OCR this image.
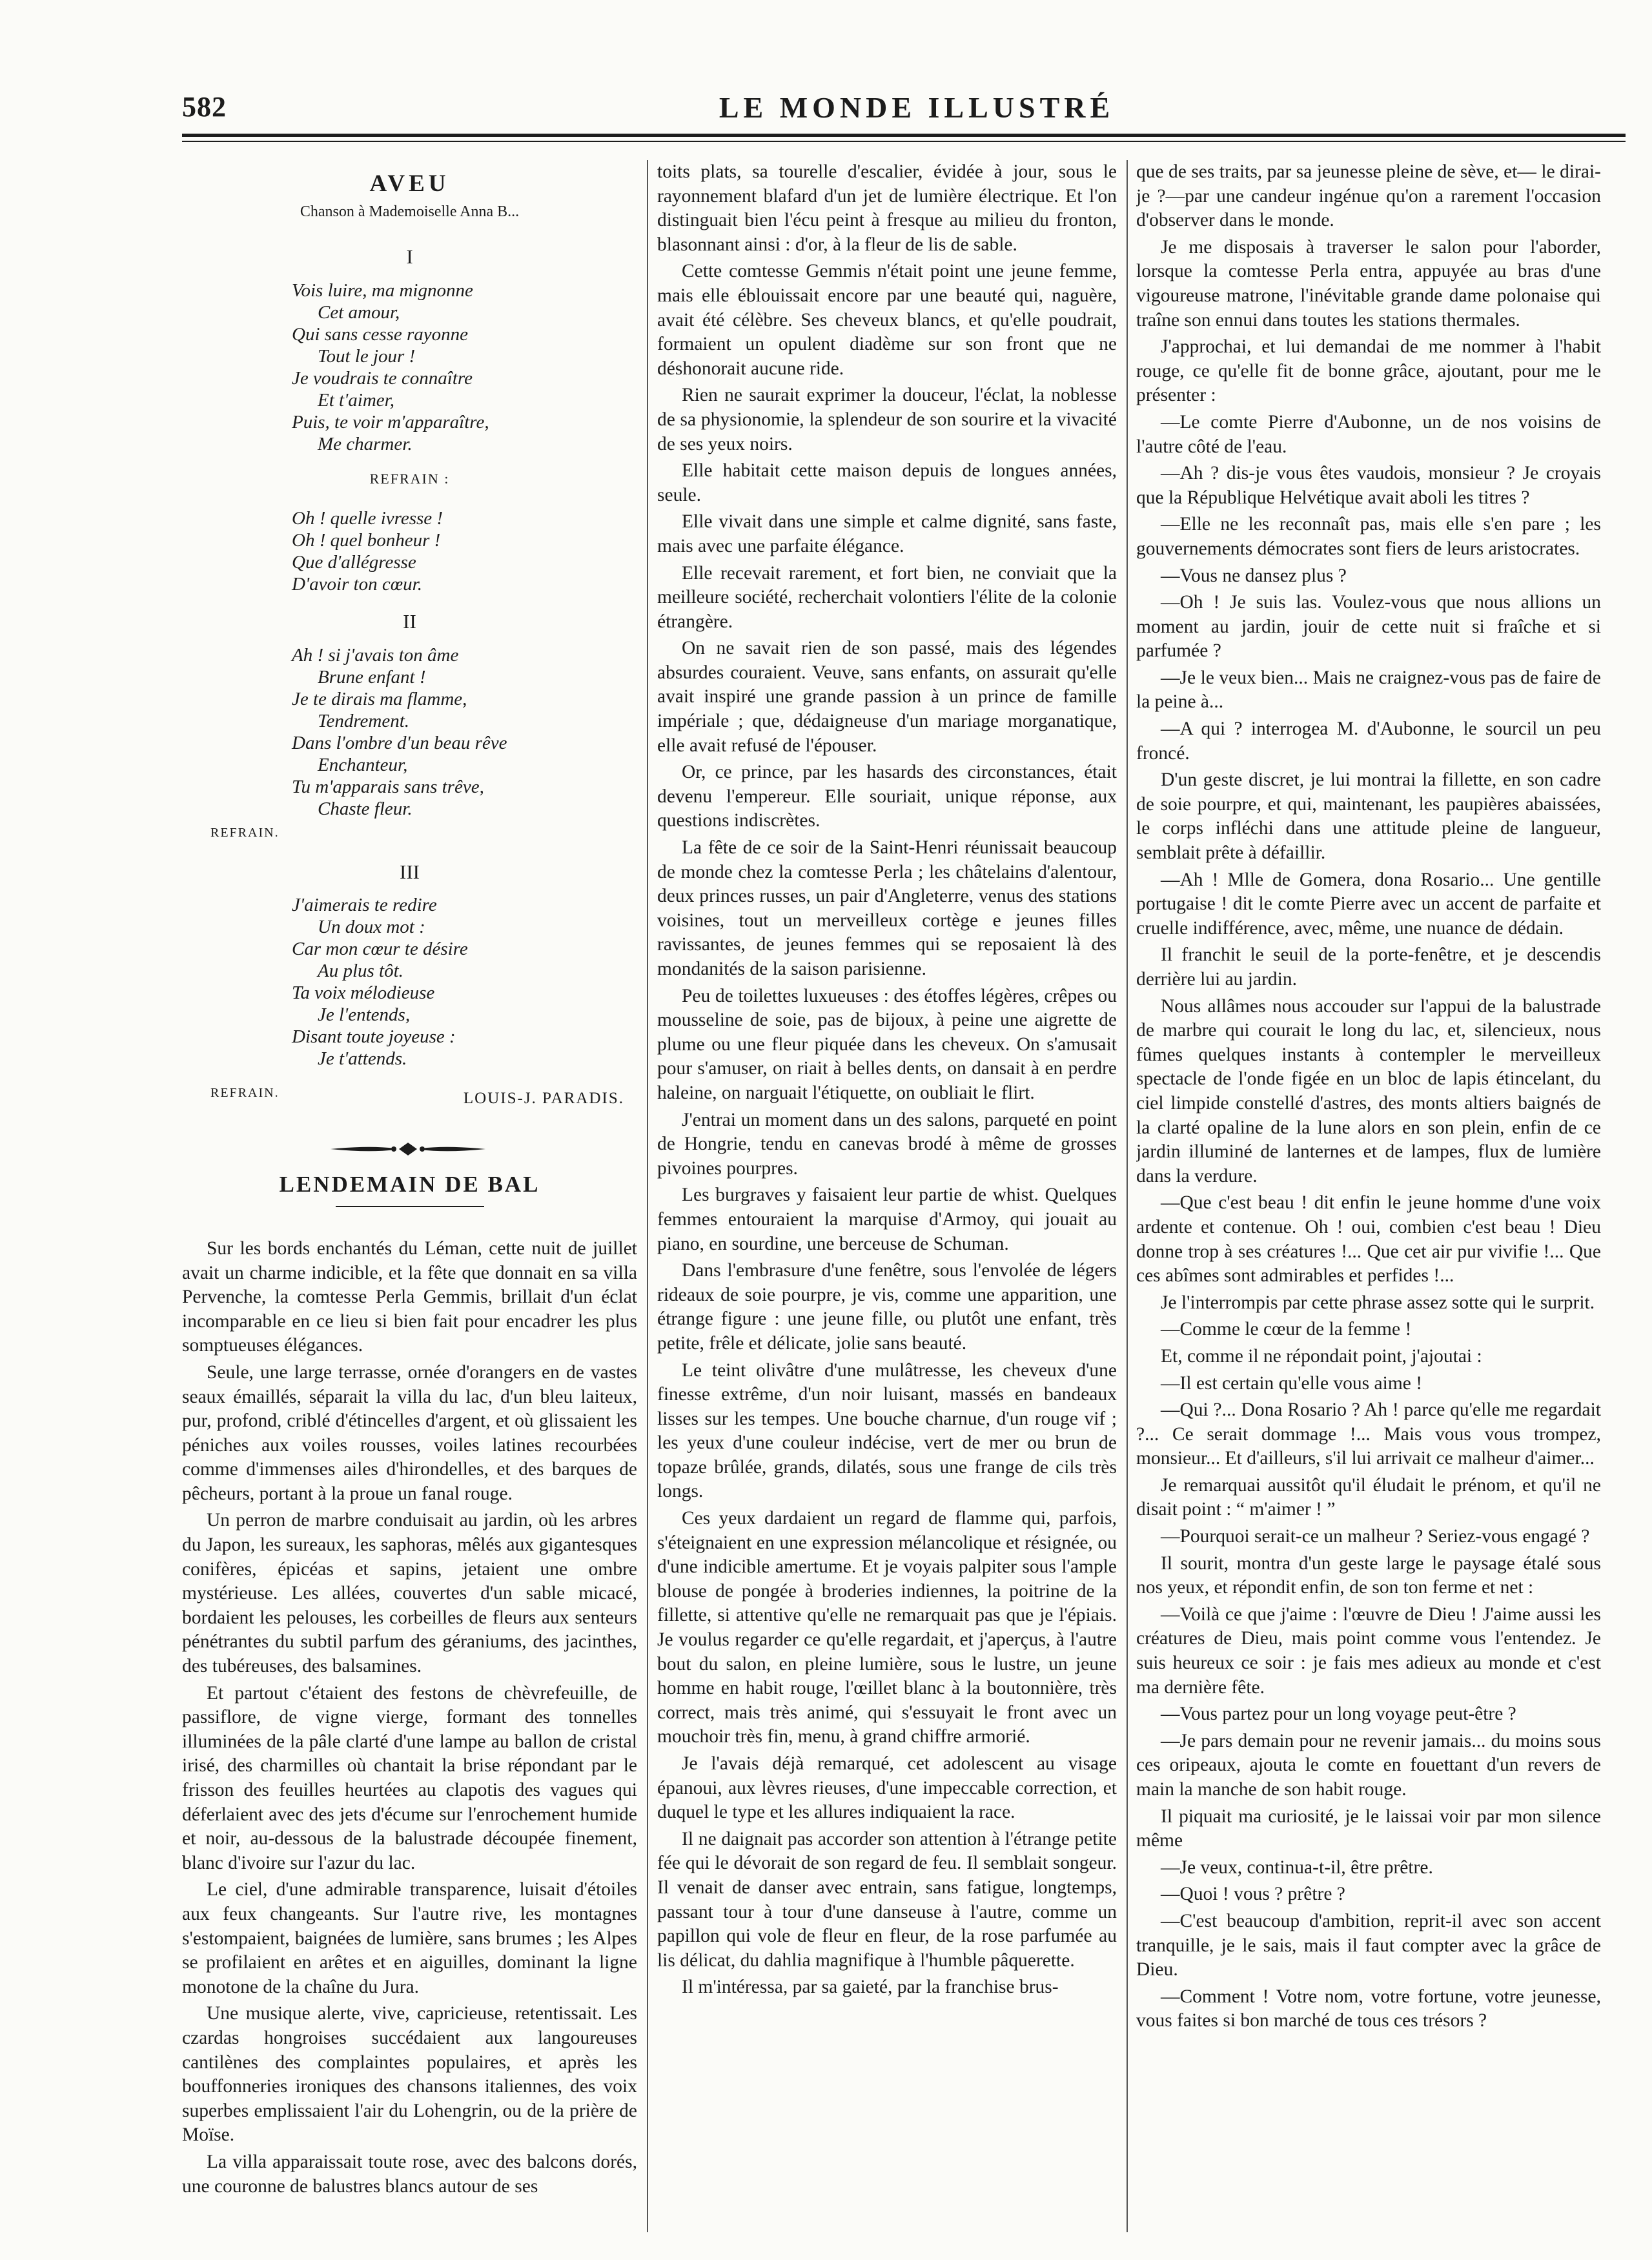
582	LE MONDE ILLUSTRÉ
AVEU
Chanson à Mademoiselle Anna B...
I
Vois luire, ma mignonne
Cet amour,
Qui sans cesse rayonne
Tout le jour !
Je voudrais te connaître
Et t'aimer,
Puis, te voir m'apparaître,
Me charmer.
REFRAIN :
Oh ! quelle ivresse !
Oh ! quel bonheur !
Que d'allégresse
D'avoir ton cœur.
II
Ah ! si j'avais ton âme
Brune enfant !
Je te dirais ma flamme,
Tendrement.
Dans l'ombre d'un beau rêve
Enchanteur,
Tu m'apparais sans trêve,
Chaste fleur.
REFRAIN.
III
J'aimerais te redire
Un doux mot :
Car mon cœur te désire
Au plus tôt.
Ta voix mélodieuse
Je l'entends,
Disant toute joyeuse :
Je t'attends.
REFRAIN.	LOUIS-J. PARADIS.
LENDEMAIN DE BAL

Sur les bords enchantés du Léman, cette nuit de juillet avait un charme indicible, et la fête que donnait en sa villa Pervenche, la comtesse Perla Gemmis, brillait d'un éclat incomparable en ce lieu si bien fait pour encadrer les plus somptueuses élégances.

Seule, une large terrasse, ornée d'orangers en de vastes seaux émaillés, séparait la villa du lac, d'un bleu laiteux, pur, profond, criblé d'étincelles d'argent, et où glissaient les péniches aux voiles rousses, voiles latines recourbées comme d'immenses ailes d'hirondelles, et des barques de pêcheurs, portant à la proue un fanal rouge.

Un perron de marbre conduisait au jardin, où les arbres du Japon, les sureaux, les saphoras, mêlés aux gigantesques conifères, épicéas et sapins, jetaient une ombre mystérieuse. Les allées, couvertes d'un sable micacé, bordaient les pelouses, les corbeilles de fleurs aux senteurs pénétrantes du subtil parfum des géraniums, des jacinthes, des tubéreuses, des balsamines.

Et partout c'étaient des festons de chèvrefeuille, de passiflore, de vigne vierge, formant des tonnelles illuminées de la pâle clarté d'une lampe au ballon de cristal irisé, des charmilles où chantait la brise répondant par le frisson des feuilles heurtées au clapotis des vagues qui déferlaient avec des jets d'écume sur l'enrochement humide et noir, au-dessous de la balustrade découpée finement, blanc d'ivoire sur l'azur du lac.

Le ciel, d'une admirable transparence, luisait d'étoiles aux feux changeants. Sur l'autre rive, les montagnes s'estompaient, baignées de lumière, sans brumes ; les Alpes se profilaient en arêtes et en aiguilles, dominant la ligne monotone de la chaîne du Jura.

Une musique alerte, vive, capricieuse, retentissait. Les czardas hongroises succédaient aux langoureuses cantilènes des complaintes populaires, et après les bouffonneries ironiques des chansons italiennes, des voix superbes emplissaient l'air du Lohengrin, ou de la prière de Moïse.

La villa apparaissait toute rose, avec des balcons dorés, une couronne de balustres blancs autour de ses

toits plats, sa tourelle d'escalier, évidée à jour, sous le rayonnement blafard d'un jet de lumière électrique. Et l'on distinguait bien l'écu peint à fresque au milieu du fronton, blasonnant ainsi : d'or, à la fleur de lis de sable.

Cette comtesse Gemmis n'était point une jeune femme, mais elle éblouissait encore par une beauté qui, naguère, avait été célèbre. Ses cheveux blancs, et qu'elle poudrait, formaient un opulent diadème sur son front que ne déshonorait aucune ride.

Rien ne saurait exprimer la douceur, l'éclat, la noblesse de sa physionomie, la splendeur de son sourire et la vivacité de ses yeux noirs.

Elle habitait cette maison depuis de longues années, seule.

Elle vivait dans une simple et calme dignité, sans faste, mais avec une parfaite élégance.

Elle recevait rarement, et fort bien, ne conviait que la meilleure société, recherchait volontiers l'élite de la colonie étrangère.

On ne savait rien de son passé, mais des légendes absurdes couraient. Veuve, sans enfants, on assurait qu'elle avait inspiré une grande passion à un prince de famille impériale ; que, dédaigneuse d'un mariage morganatique, elle avait refusé de l'épouser.

Or, ce prince, par les hasards des circonstances, était devenu l'empereur. Elle souriait, unique réponse, aux questions indiscrètes.

La fête de ce soir de la Saint-Henri réunissait beaucoup de monde chez la comtesse Perla ; les châtelains d'alentour, deux princes russes, un pair d'Angleterre, venus des stations voisines, tout un merveilleux cortège e jeunes filles ravissantes, de jeunes femmes qui se reposaient là des mondanités de la saison parisienne.

Peu de toilettes luxueuses : des étoffes légères, crêpes ou mousseline de soie, pas de bijoux, à peine une aigrette de plume ou une fleur piquée dans les cheveux. On s'amusait pour s'amuser, on riait à belles dents, on dansait à en perdre haleine, on narguait l'étiquette, on oubliait le flirt.

J'entrai un moment dans un des salons, parqueté en point de Hongrie, tendu en canevas brodé à même de grosses pivoines pourpres.

Les burgraves y faisaient leur partie de whist. Quelques femmes entouraient la marquise d'Armoy, qui jouait au piano, en sourdine, une berceuse de Schuman.

Dans l'embrasure d'une fenêtre, sous l'envolée de légers rideaux de soie pourpre, je vis, comme une apparition, une étrange figure : une jeune fille, ou plutôt une enfant, très petite, frêle et délicate, jolie sans beauté.

Le teint olivâtre d'une mulâtresse, les cheveux d'une finesse extrême, d'un noir luisant, massés en bandeaux lisses sur les tempes. Une bouche charnue, d'un rouge vif ; les yeux d'une couleur indécise, vert de mer ou brun de topaze brûlée, grands, dilatés, sous une frange de cils très longs.

Ces yeux dardaient un regard de flamme qui, parfois, s'éteignaient en une expression mélancolique et résignée, ou d'une indicible amertume. Et je voyais palpiter sous l'ample blouse de pongée à broderies indiennes, la poitrine de la fillette, si attentive qu'elle ne remarquait pas que je l'épiais. Je voulus regarder ce qu'elle regardait, et j'aperçus, à l'autre bout du salon, en pleine lumière, sous le lustre, un jeune homme en habit rouge, l'œillet blanc à la boutonnière, très correct, mais très animé, qui s'essuyait le front avec un mouchoir très fin, menu, à grand chiffre armorié.

Je l'avais déjà remarqué, cet adolescent au visage épanoui, aux lèvres rieuses, d'une impeccable correction, et duquel le type et les allures indiquaient la race.

Il ne daignait pas accorder son attention à l'étrange petite fée qui le dévorait de son regard de feu. Il semblait songeur. Il venait de danser avec entrain, sans fatigue, longtemps, passant tour à tour d'une danseuse à l'autre, comme un papillon qui vole de fleur en fleur, de la rose parfumée au lis délicat, du dahlia magnifique à l'humble pâquerette.

Il m'intéressa, par sa gaieté, par la franchise brus-

que de ses traits, par sa jeunesse pleine de sève, et— le dirai-je ?—par une candeur ingénue qu'on a rarement l'occasion d'observer dans le monde.

Je me disposais à traverser le salon pour l'aborder, lorsque la comtesse Perla entra, appuyée au bras d'une vigoureuse matrone, l'inévitable grande dame polonaise qui traîne son ennui dans toutes les stations thermales.

J'approchai, et lui demandai de me nommer à l'habit rouge, ce qu'elle fit de bonne grâce, ajoutant, pour me le présenter :

—Le comte Pierre d'Aubonne, un de nos voisins de l'autre côté de l'eau.

—Ah ? dis-je vous êtes vaudois, monsieur ? Je croyais que la République Helvétique avait aboli les titres ?

—Elle ne les reconnaît pas, mais elle s'en pare ; les gouvernements démocrates sont fiers de leurs aristocrates.

—Vous ne dansez plus ?

—Oh ! Je suis las. Voulez-vous que nous allions un moment au jardin, jouir de cette nuit si fraîche et si parfumée ?

—Je le veux bien... Mais ne craignez-vous pas de faire de la peine à...

—A qui ? interrogea M. d'Aubonne, le sourcil un peu froncé.

D'un geste discret, je lui montrai la fillette, en son cadre de soie pourpre, et qui, maintenant, les paupières abaissées, le corps infléchi dans une attitude pleine de langueur, semblait prête à défaillir.

—Ah ! Mlle de Gomera, dona Rosario... Une gentille portugaise ! dit le comte Pierre avec un accent de parfaite et cruelle indifférence, avec, même, une nuance de dédain.

Il franchit le seuil de la porte-fenêtre, et je descendis derrière lui au jardin.

Nous allâmes nous accouder sur l'appui de la balustrade de marbre qui courait le long du lac, et, silencieux, nous fûmes quelques instants à contempler le merveilleux spectacle de l'onde figée en un bloc de lapis étincelant, du ciel limpide constellé d'astres, des monts altiers baignés de la clarté opaline de la lune alors en son plein, enfin de ce jardin illuminé de lanternes et de lampes, flux de lumière dans la verdure.

—Que c'est beau ! dit enfin le jeune homme d'une voix ardente et contenue. Oh ! oui, combien c'est beau ! Dieu donne trop à ses créatures !... Que cet air pur vivifie !... Que ces abîmes sont admirables et perfides !...

Je l'interrompis par cette phrase assez sotte qui le surprit.

—Comme le cœur de la femme !

Et, comme il ne répondait point, j'ajoutai :

—Il est certain qu'elle vous aime !

—Qui ?... Dona Rosario ? Ah ! parce qu'elle me regardait ?... Ce serait dommage !... Mais vous vous trompez, monsieur... Et d'ailleurs, s'il lui arrivait ce malheur d'aimer...

Je remarquai aussitôt qu'il éludait le prénom, et qu'il ne disait point : “ m'aimer ! ”

—Pourquoi serait-ce un malheur ? Seriez-vous engagé ?

Il sourit, montra d'un geste large le paysage étalé sous nos yeux, et répondit enfin, de son ton ferme et net :

—Voilà ce que j'aime : l'œuvre de Dieu ! J'aime aussi les créatures de Dieu, mais point comme vous l'entendez. Je suis heureux ce soir : je fais mes adieux au monde et c'est ma dernière fête.

—Vous partez pour un long voyage peut-être ?

—Je pars demain pour ne revenir jamais... du moins sous ces oripeaux, ajouta le comte en fouettant d'un revers de main la manche de son habit rouge.

Il piquait ma curiosité, je le laissai voir par mon silence même

—Je veux, continua-t-il, être prêtre.

—Quoi ! vous ? prêtre ?

—C'est beaucoup d'ambition, reprit-il avec son accent tranquille, je le sais, mais il faut compter avec la grâce de Dieu.

—Comment ! Votre nom, votre fortune, votre jeunesse, vous faites si bon marché de tous ces trésors ?
